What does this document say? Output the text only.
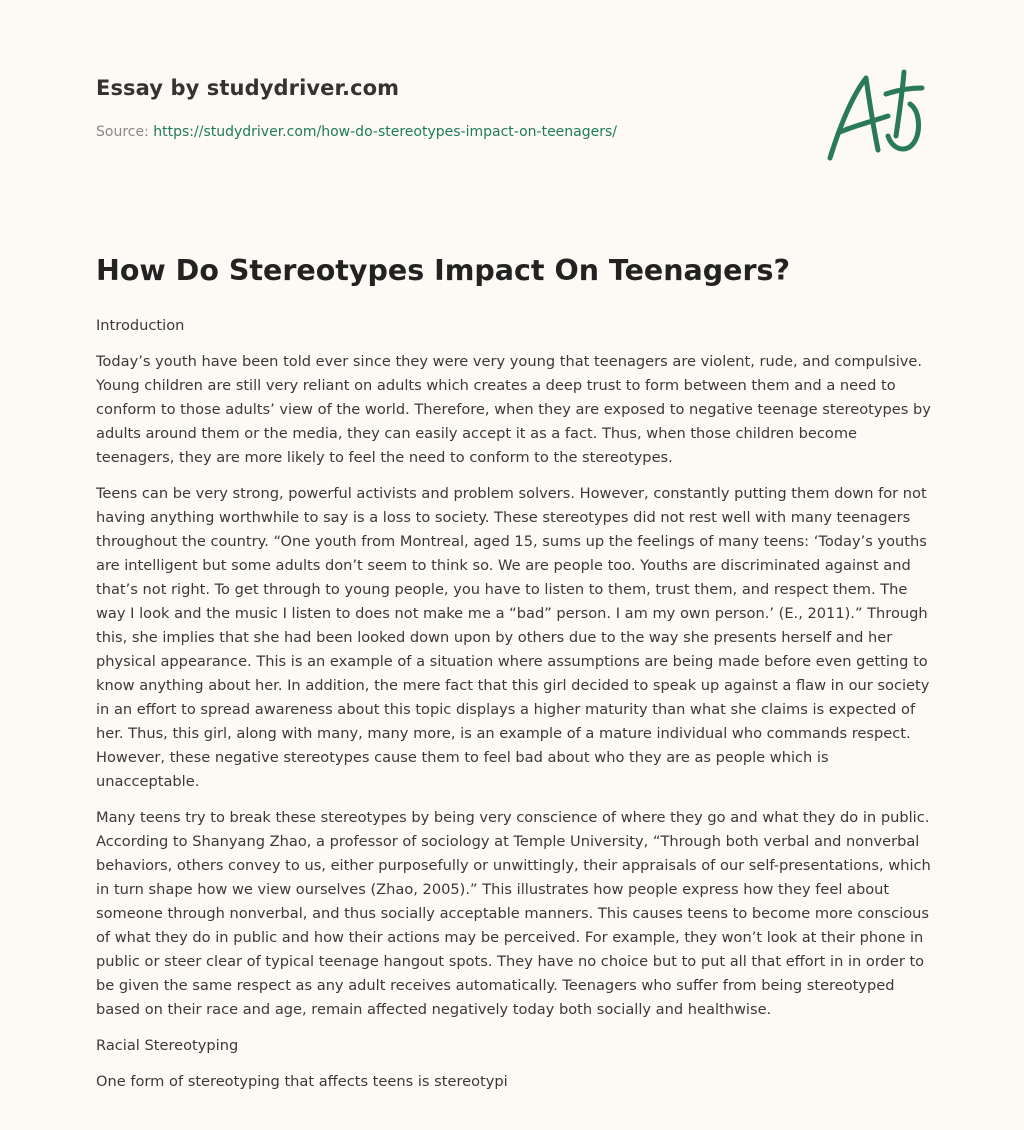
Essay by studydriver.com
Source: https://studydriver.com/how-do-stereotypes-impact-on-teenagers/
How Do Stereotypes Impact On Teenagers?

Introduction

Today’s youth have been told ever since they were very young that teenagers are violent, rude, and compulsive. Young children are still very reliant on adults which creates a deep trust to form between them and a need to conform to those adults’ view of the world. Therefore, when they are exposed to negative teenage stereotypes by adults around them or the media, they can easily accept it as a fact. Thus, when those children become teenagers, they are more likely to feel the need to conform to the stereotypes.

Teens can be very strong, powerful activists and problem solvers. However, constantly putting them down for not having anything worthwhile to say is a loss to society. These stereotypes did not rest well with many teenagers throughout the country. “One youth from Montreal, aged 15, sums up the feelings of many teens: ‘Today’s youths are intelligent but some adults don’t seem to think so. We are people too. Youths are discriminated against and that’s not right. To get through to young people, you have to listen to them, trust them, and respect them. The way I look and the music I listen to does not make me a “bad” person. I am my own person.’ (E., 2011).” Through this, she implies that she had been looked down upon by others due to the way she presents herself and her physical appearance. This is an example of a situation where assumptions are being made before even getting to know anything about her. In addition, the mere fact that this girl decided to speak up against a flaw in our society in an effort to spread awareness about this topic displays a higher maturity than what she claims is expected of her. Thus, this girl, along with many, many more, is an example of a mature individual who commands respect. However, these negative stereotypes cause them to feel bad about who they are as people which is unacceptable.

Many teens try to break these stereotypes by being very conscience of where they go and what they do in public. According to Shanyang Zhao, a professor of sociology at Temple University, “Through both verbal and nonverbal behaviors, others convey to us, either purposefully or unwittingly, their appraisals of our self-presentations, which in turn shape how we view ourselves (Zhao, 2005).” This illustrates how people express how they feel about someone through nonverbal, and thus socially acceptable manners. This causes teens to become more conscious of what they do in public and how their actions may be perceived. For example, they won’t look at their phone in public or steer clear of typical teenage hangout spots. They have no choice but to put all that effort in in order to be given the same respect as any adult receives automatically. Teenagers who suffer from being stereotyped based on their race and age, remain affected negatively today both socially and healthwise.

Racial Stereotyping

One form of stereotyping that affects teens is stereotypi
